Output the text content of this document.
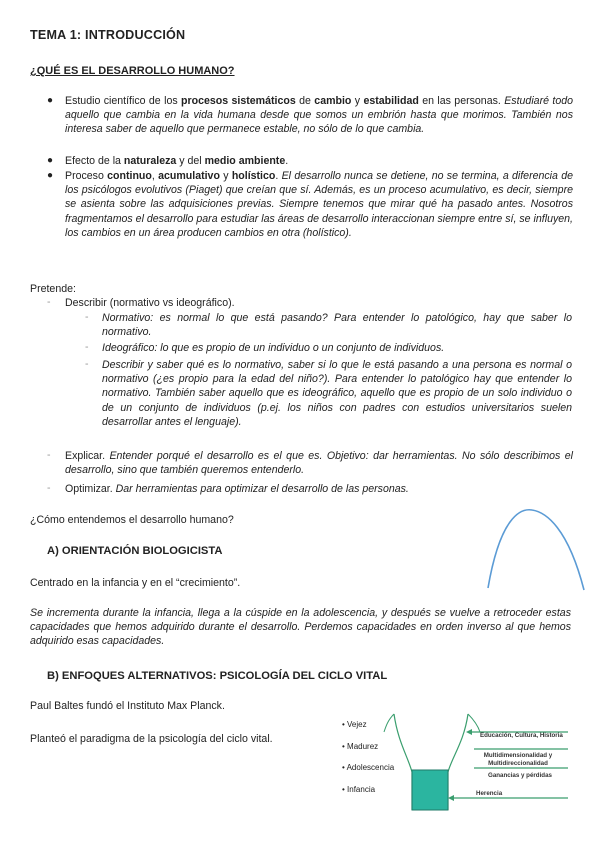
TEMA 1: INTRODUCCIÓN
¿QUÉ ES EL DESARROLLO HUMANO?
● Estudio científico de los procesos sistemáticos de cambio y estabilidad en las personas. Estudiaré todo aquello que cambia en la vida humana desde que somos un embrión hasta que morimos. También nos interesa saber de aquello que permanece estable, no sólo de lo que cambia.
● Efecto de la naturaleza y del medio ambiente.
● Proceso continuo, acumulativo y holístico. El desarrollo nunca se detiene, no se termina, a diferencia de los psicólogos evolutivos (Piaget) que creían que sí. Además, es un proceso acumulativo, es decir, siempre se asienta sobre las adquisiciones previas. Siempre tenemos que mirar qué ha pasado antes. Nosotros fragmentamos el desarrollo para estudiar las áreas de desarrollo interaccionan siempre entre sí, se influyen, los cambios en un área producen cambios en otra (holístico).
Pretende:
- Describir (normativo vs ideográfico).
- Normativo: es normal lo que está pasando? Para entender lo patológico, hay que saber lo normativo.
- Ideográfico: lo que es propio de un individuo o un conjunto de individuos.
- Describir y saber qué es lo normativo, saber si lo que le está pasando a una persona es normal o normativo (¿es propio para la edad del niño?). Para entender lo patológico hay que entender lo normativo. También saber aquello que es ideográfico, aquello que es propio de un solo individuo o de un conjunto de individuos (p.ej. los niños con padres con estudios universitarios suelen desarrollar antes el lenguaje).
- Explicar. Entender porqué el desarrollo es el que es. Objetivo: dar herramientas. No sólo describimos el desarrollo, sino que también queremos entenderlo.
- Optimizar. Dar herramientas para optimizar el desarrollo de las personas.
¿Cómo entendemos el desarrollo humano?
A) ORIENTACIÓN BIOLOGICISTA
Centrado en la infancia y en el “crecimiento”.
Se incrementa durante la infancia, llega a la cúspide en la adolescencia, y después se vuelve a retroceder estas capacidades que hemos adquirido durante el desarrollo. Perdemos capacidades en orden inverso al que hemos adquirido esas capacidades.
B) ENFOQUES ALTERNATIVOS: PSICOLOGÍA DEL CICLO VITAL
Paul Baltes fundó el Instituto Max Planck.
Planteó el paradigma de la psicología del ciclo vital.
• Vejez
• Madurez
• Adolescencia
• Infancia
Educación, Cultura, Historia
Multidimensionalidad y Multidireccionalidad
Ganancias y pérdidas
Herencia
